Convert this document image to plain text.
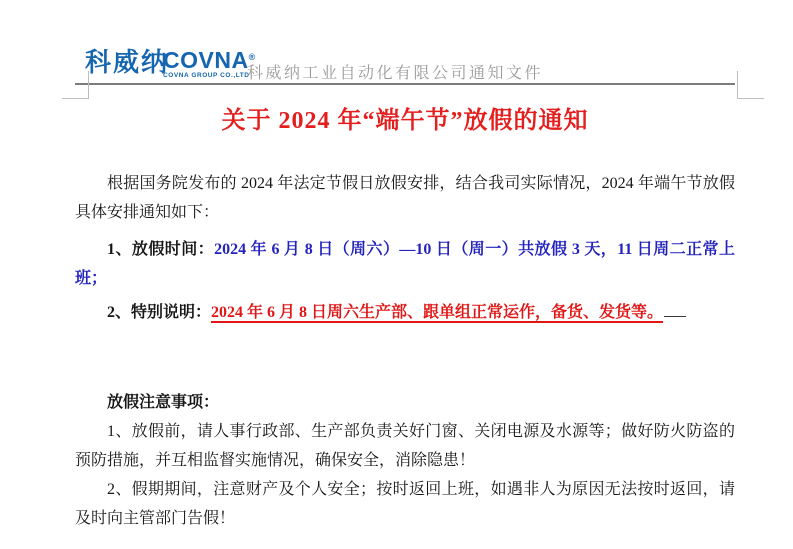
科威纳
COVNA®
COVNA GROUP CO.,LTD
科威纳工业自动化有限公司通知文件
关于 2024 年“端午节”放假的通知

根据国务院发布的 2024 年法定节假日放假安排，结合我司实际情况，2024 年端午节放假具体安排通知如下：

1、放假时间：2024 年 6 月 8 日（周六）—10 日（周一）共放假 3 天，11 日周二正常上班；

2、特别说明：2024 年 6 月 8 日周六生产部、跟单组正常运作，备货、发货等。

放假注意事项：

1、放假前，请人事行政部、生产部负责关好门窗、关闭电源及水源等；做好防火防盗的预防措施，并互相监督实施情况，确保安全，消除隐患！

2、假期期间，注意财产及个人安全；按时返回上班，如遇非人为原因无法按时返回，请及时向主管部门告假！
